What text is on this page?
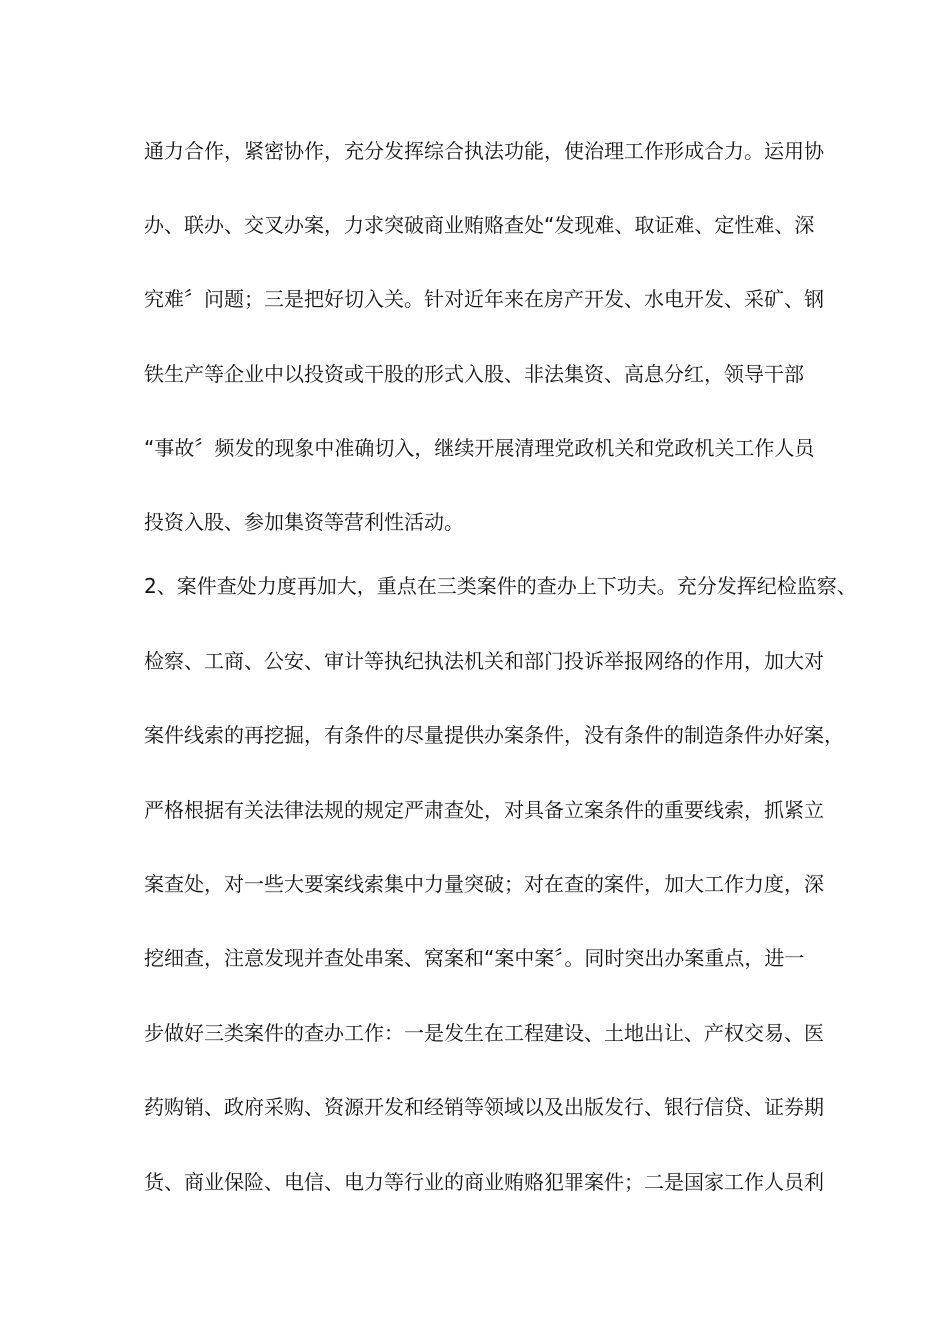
通力合作，紧密协作，充分发挥综合执法功能，使治理工作形成合力。运用协
办、联办、交叉办案，力求突破商业贿赂查处“发现难、取证难、定性难、深
究难〞问题；三是把好切入关。针对近年来在房产开发、水电开发、采矿、钢
铁生产等企业中以投资或干股的形式入股、非法集资、高息分红，领导干部
“事故〞频发的现象中准确切入，继续开展清理党政机关和党政机关工作人员
投资入股、参加集资等营利性活动。
2、案件查处力度再加大，重点在三类案件的查办上下功夫。充分发挥纪检监察、
检察、工商、公安、审计等执纪执法机关和部门投诉举报网络的作用，加大对
案件线索的再挖掘，有条件的尽量提供办案条件，没有条件的制造条件办好案，
严格根据有关法律法规的规定严肃查处，对具备立案条件的重要线索，抓紧立
案查处，对一些大要案线索集中力量突破；对在查的案件，加大工作力度，深
挖细查，注意发现并查处串案、窝案和“案中案〞。同时突出办案重点，进一
步做好三类案件的查办工作：一是发生在工程建设、土地出让、产权交易、医
药购销、政府采购、资源开发和经销等领域以及出版发行、银行信贷、证券期
货、商业保险、电信、电力等行业的商业贿赂犯罪案件；二是国家工作人员利
